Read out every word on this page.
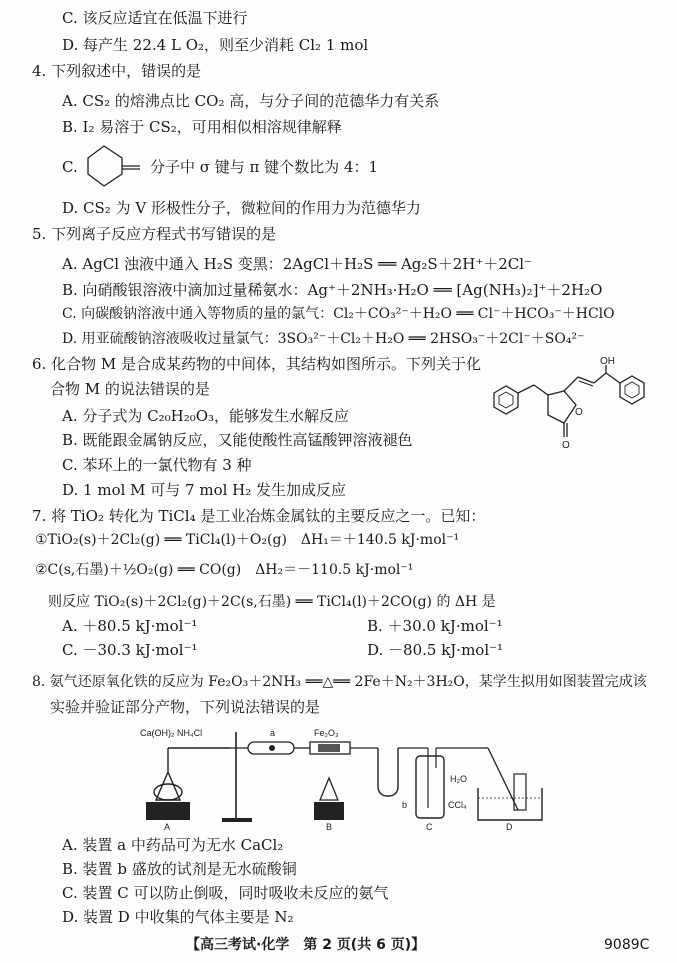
C. 该反应适宜在低温下进行
D. 每产生 22.4 L O₂，则至少消耗 Cl₂ 1 mol
4. 下列叙述中，错误的是
A. CS₂ 的熔沸点比 CO₂ 高，与分子间的范德华力有关系
B. I₂ 易溶于 CS₂，可用相似相溶规律解释
C.	分子中 σ 键与 π 键个数比为 4：1
D. CS₂ 为 V 形极性分子，微粒间的作用力为范德华力
5. 下列离子反应方程式书写错误的是
A. AgCl 浊液中通入 H₂S 变黑：2AgCl＋H₂S ══ Ag₂S＋2H⁺＋2Cl⁻
B. 向硝酸银溶液中滴加过量稀氨水：Ag⁺＋2NH₃·H₂O ══ [Ag(NH₃)₂]⁺＋2H₂O
C. 向碳酸钠溶液中通入等物质的量的氯气：Cl₂＋CO₃²⁻＋H₂O ══ Cl⁻＋HCO₃⁻＋HClO
D. 用亚硫酸钠溶液吸收过量氯气：3SO₃²⁻＋Cl₂＋H₂O ══ 2HSO₃⁻＋2Cl⁻＋SO₄²⁻
6. 化合物 M 是合成某药物的中间体，其结构如图所示。下列关于化
合物 M 的说法错误的是
A. 分子式为 C₂₀H₂₀O₃，能够发生水解反应
B. 既能跟金属钠反应，又能使酸性高锰酸钾溶液褪色
C. 苯环上的一氯代物有 3 种
D. 1 mol M 可与 7 mol H₂ 发生加成反应
O
O
OH
7. 将 TiO₂ 转化为 TiCl₄ 是工业冶炼金属钛的主要反应之一。已知：
①TiO₂(s)＋2Cl₂(g) ══ TiCl₄(l)＋O₂(g)　ΔH₁＝＋140.5 kJ·mol⁻¹
②C(s,石墨)＋½O₂(g) ══ CO(g)　ΔH₂＝－110.5 kJ·mol⁻¹
则反应 TiO₂(s)＋2Cl₂(g)＋2C(s,石墨) ══ TiCl₄(l)＋2CO(g) 的 ΔH 是
A. ＋80.5 kJ·mol⁻¹	B. ＋30.0 kJ·mol⁻¹
C. －30.3 kJ·mol⁻¹	D. －80.5 kJ·mol⁻¹
8. 氨气还原氧化铁的反应为 Fe₂O₃＋2NH₃ ══△══ 2Fe＋N₂＋3H₂O，某学生拟用如图装置完成该
实验并验证部分产物，下列说法错误的是
Ca(OH)₂ NH₄Cl
A
a	Fe₂O₃
B
b
H₂O
CCl₄
C	D
A. 装置 a 中药品可为无水 CaCl₂
B. 装置 b 盛放的试剂是无水硫酸铜
C. 装置 C 可以防止倒吸，同时吸收未反应的氨气
D. 装置 D 中收集的气体主要是 N₂
【高三考试·化学　第 2 页(共 6 页)】	9089C
